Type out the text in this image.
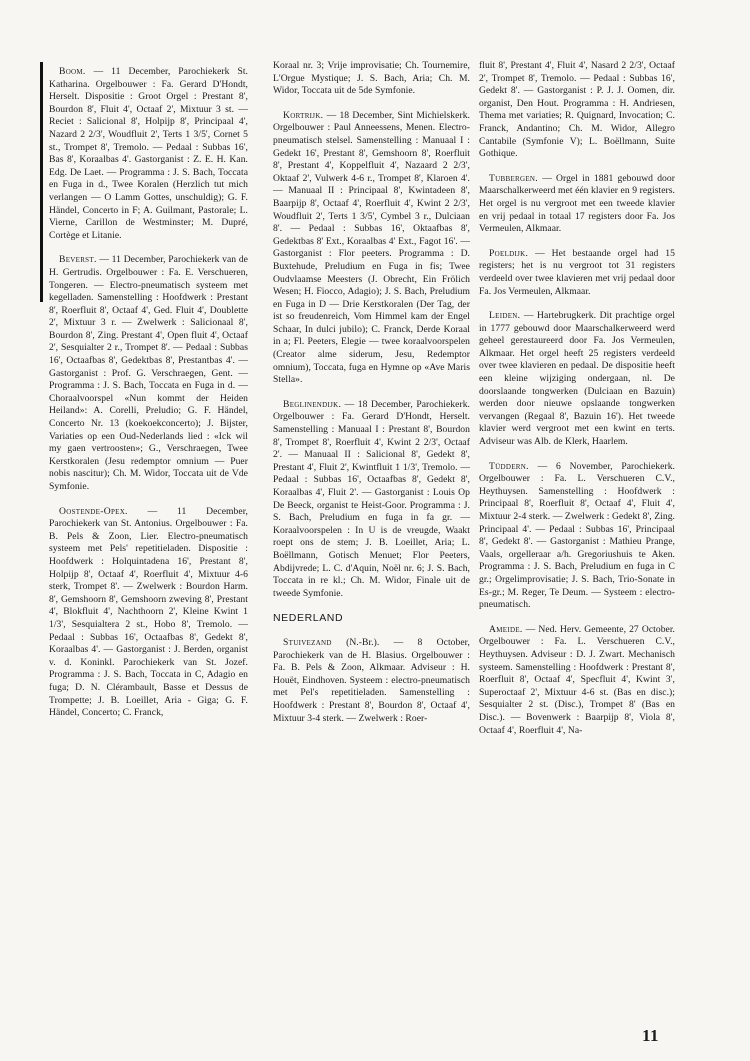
Boom. — 11 December, Parochiekerk St. Katharina. Orgelbouwer : Fa. Gerard D'Hondt, Herselt. Dispositie : Groot Orgel : Prestant 8', Bourdon 8', Fluit 4', Octaaf 2', Mixtuur 3 st. — Reciet : Salicional 8', Holpijp 8', Principaal 4', Nazard 2 2/3', Woudfluit 2', Terts 1 3/5', Cornet 5 st., Trompet 8', Tremolo. — Pedaal : Subbas 16', Bas 8', Koraalbas 4'. Gastorganist : Z. E. H. Kan. Edg. De Laet. — Programma : J. S. Bach, Toccata en Fuga in d., Twee Koralen (Herzlich tut mich verlangen — O Lamm Gottes, unschuldig); G. F. Händel, Concerto in F; A. Guilmant, Pastorale; L. Vierne, Carillon de Westminster; M. Dupré, Cortège et Litanie.

Beverst. — 11 December, Parochiekerk van de H. Gertrudis. Orgelbouwer : Fa. E. Verschueren, Tongeren. — Electro-pneumatisch systeem met kegelladen. Samenstelling : Hoofdwerk : Prestant 8', Roerfluit 8', Octaaf 4', Ged. Fluit 4', Doublette 2', Mixtuur 3 r. — Zwelwerk : Salicionaal 8', Bourdon 8', Zing. Prestant 4', Open fluit 4', Octaaf 2', Sesquialter 2 r., Trompet 8'. — Pedaal : Subbas 16', Octaafbas 8', Gedektbas 8', Prestantbas 4'. — Gastorganist : Prof. G. Verschraegen, Gent. — Programma : J. S. Bach, Toccata en Fuga in d. — Choraalvoorspel «Nun kommt der Heiden Heiland»: A. Corelli, Preludio; G. F. Händel, Concerto Nr. 13 (koekoekconcerto); J. Bijster, Variaties op een Oud-Nederlands lied : «Ick wil my gaen vertroosten»; G., Verschraegen, Twee Kerstkoralen (Jesu redemptor omnium — Puer nobis nascitur); Ch. M. Widor, Toccata uit de Vde Symfonie.

Oostende-Opex. — 11 December, Parochiekerk van St. Antonius. Orgelbouwer : Fa. B. Pels & Zoon, Lier. Electro-pneumatisch systeem met Pels' repetitieladen. Dispositie : Hoofdwerk : Holquintadena 16', Prestant 8', Holpijp 8', Octaaf 4', Roerfluit 4', Mixtuur 4-6 sterk, Trompet 8'. — Zwelwerk : Bourdon Harm. 8', Gemshoorn 8', Gemshoorn zweving 8', Prestant 4', Blokfluit 4', Nachthoorn 2', Kleine Kwint 1 1/3', Sesquialtera 2 st., Hobo 8', Tremolo. — Pedaal : Subbas 16', Octaafbas 8', Gedekt 8', Koraalbas 4'. — Gastorganist : J. Berden, organist v. d. Koninkl. Parochiekerk van St. Jozef. Programma : J. S. Bach, Toccata in C, Adagio en fuga; D. N. Clérambault, Basse et Dessus de Trompette; J. B. Loeillet, Aria - Giga; G. F. Händel, Concerto; C. Franck,

Koraal nr. 3; Vrije improvisatie; Ch. Tournemire, L'Orgue Mystique; J. S. Bach, Aria; Ch. M. Widor, Toccata uit de 5de Symfonie.

Kortrijk. — 18 December, Sint Michielskerk. Orgelbouwer : Paul Anneessens, Menen. Electro-pneumatisch stelsel. Samenstelling : Manuaal I : Gedekt 16', Prestant 8', Gemshoorn 8', Roerfluit 8', Prestant 4', Koppelfluit 4', Nazaard 2 2/3', Oktaaf 2', Vulwerk 4-6 r., Trompet 8', Klaroen 4'. — Manuaal II : Principaal 8', Kwintadeen 8', Baarpijp 8', Octaaf 4', Roerfluit 4', Kwint 2 2/3', Woudfluit 2', Terts 1 3/5', Cymbel 3 r., Dulciaan 8'. — Pedaal : Subbas 16', Oktaafbas 8', Gedektbas 8' Ext., Koraalbas 4' Ext., Fagot 16'. — Gastorganist : Flor peeters. Programma : D. Buxtehude, Preludium en Fuga in fis; Twee Oudvlaamse Meesters (J. Obrecht, Ein Frölich Wesen; H. Fiocco, Adagio); J. S. Bach, Preludium en Fuga in D — Drie Kerstkoralen (Der Tag, der ist so freudenreich, Vom Himmel kam der Engel Schaar, In dulci jubilo); C. Franck, Derde Koraal in a; Fl. Peeters, Elegie — twee koraalvoorspelen (Creator alme siderum, Jesu, Redemptor omnium), Toccata, fuga en Hymne op «Ave Maris Stella».

Beglinendijk. — 18 December, Parochiekerk. Orgelbouwer : Fa. Gerard D'Hondt, Herselt. Samenstelling : Manuaal I : Prestant 8', Bourdon 8', Trompet 8', Roerfluit 4', Kwint 2 2/3', Octaaf 2'. — Manuaal II : Salicional 8', Gedekt 8', Prestant 4', Fluit 2', Kwintfluit 1 1/3', Tremolo. — Pedaal : Subbas 16', Octaafbas 8', Gedekt 8', Koraalbas 4', Fluit 2'. — Gastorganist : Louis Op De Beeck, organist te Heist-Goor. Programma : J. S. Bach, Preludium en fuga in fa gr. — Koraalvoorspelen : In U is de vreugde, Waakt roept ons de stem; J. B. Loeillet, Aria; L. Boëllmann, Gotisch Menuet; Flor Peeters, Abdijvrede; L. C. d'Aquin, Noël nr. 6; J. S. Bach, Toccata in re kl.; Ch. M. Widor, Finale uit de tweede Symfonie.

NEDERLAND

Stuivezand (N.-Br.). — 8 October, Parochiekerk van de H. Blasius. Orgelbouwer : Fa. B. Pels & Zoon, Alkmaar. Adviseur : H. Houët, Eindhoven. Systeem : electro-pneumatisch met Pel's repetitieladen. Samenstelling : Hoofdwerk : Prestant 8', Bourdon 8', Octaaf 4', Mixtuur 3-4 sterk. — Zwelwerk : Roer-

fluit 8', Prestant 4', Fluit 4', Nasard 2 2/3', Octaaf 2', Trompet 8', Tremolo. — Pedaal : Subbas 16', Gedekt 8'. — Gastorganist : P. J. J. Oomen, dir. organist, Den Hout. Programma : H. Andriesen, Thema met variaties; R. Quignard, Invocation; C. Franck, Andantino; Ch. M. Widor, Allegro Cantabile (Symfonie V); L. Boëllmann, Suite Gothique.

Tubbergen. — Orgel in 1881 gebouwd door Maarschalkerweerd met één klavier en 9 registers. Het orgel is nu vergroot met een tweede klavier en vrij pedaal in totaal 17 registers door Fa. Jos Vermeulen, Alkmaar.

Poeldijk. — Het bestaande orgel had 15 registers; het is nu vergroot tot 31 registers verdeeld over twee klavieren met vrij pedaal door Fa. Jos Vermeulen, Alkmaar.

Leiden. — Hartebrugkerk. Dit prachtige orgel in 1777 gebouwd door Maarschalkerweerd werd geheel gerestaureerd door Fa. Jos Vermeulen, Alkmaar. Het orgel heeft 25 registers verdeeld over twee klavieren en pedaal. De dispositie heeft een kleine wijziging ondergaan, nl. De doorslaande tongwerken (Dulciaan en Bazuin) werden door nieuwe opslaande tongwerken vervangen (Regaal 8', Bazuin 16'). Het tweede klavier werd vergroot met een kwint en terts. Adviseur was Alb. de Klerk, Haarlem.

Tüddern. — 6 November, Parochiekerk. Orgelbouwer : Fa. L. Verschueren C.V., Heythuysen. Samenstelling : Hoofdwerk : Principaal 8', Roerfluit 8', Octaaf 4', Fluit 4', Mixtuur 2-4 sterk. — Zwelwerk : Gedekt 8', Zing. Principaal 4'. — Pedaal : Subbas 16', Principaal 8', Gedekt 8'. — Gastorganist : Mathieu Prange, Vaals, orgelleraar a/h. Gregoriushuis te Aken. Programma : J. S. Bach, Preludium en fuga in C gr.; Orgelimprovisatie; J. S. Bach, Trio-Sonate in Es-gr.; M. Reger, Te Deum. — Systeem : electro-pneumatisch.

Ameide. — Ned. Herv. Gemeente, 27 October. Orgelbouwer : Fa. L. Verschueren C.V., Heythuysen. Adviseur : D. J. Zwart. Mechanisch systeem. Samenstelling : Hoofdwerk : Prestant 8', Roerfluit 8', Octaaf 4', Specfluit 4', Kwint 3', Superoctaaf 2', Mixtuur 4-6 st. (Bas en disc.); Sesquialter 2 st. (Disc.), Trompet 8' (Bas en Disc.). — Bovenwerk : Baarpijp 8', Viola 8', Octaaf 4', Roerfluit 4', Na-

11
